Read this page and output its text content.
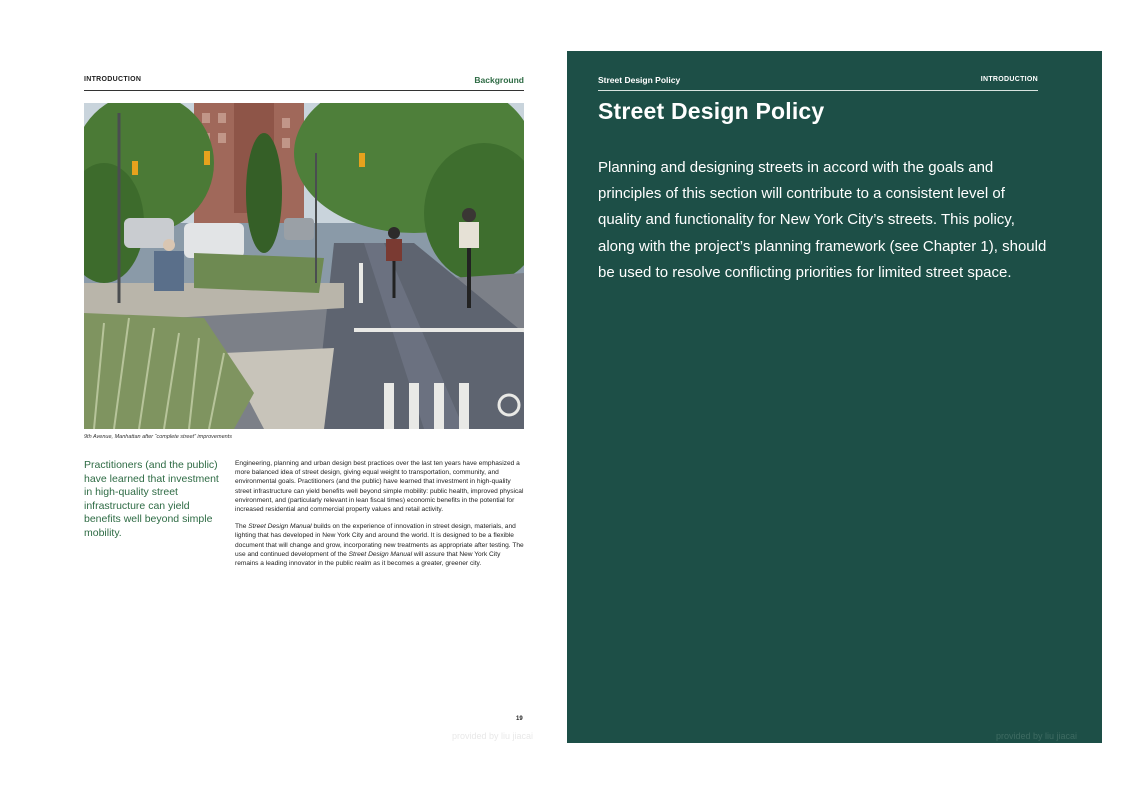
INTRODUCTION	Background
9th Avenue, Manhattan after “complete street” improvements
Practitioners (and the public) have learned that investment in high-quality street infrastructure can yield benefits well beyond simple mobility.

Engineering, planning and urban design best practices over the last ten years have emphasized a more balanced idea of street design, giving equal weight to transportation, community, and environmental goals. Practitioners (and the public) have learned that investment in high-quality street infrastructure can yield benefits well beyond simple mobility: public health, improved physical environment, and (particularly relevant in lean fiscal times) economic benefits in the potential for increased residential and commercial property values and retail activity.

The Street Design Manual builds on the experience of innovation in street design, materials, and lighting that has developed in New York City and around the world. It is designed to be a flexible document that will change and grow, incorporating new treatments as appropriate after testing. The use and continued development of the Street Design Manual will assure that New York City remains a leading innovator in the public realm as it becomes a greater, greener city.

19
provided by liu jiacai
Street Design Policy	INTRODUCTION
Street Design Policy

Planning and designing streets in accord with the goals and principles of this section will contribute to a consistent level of quality and functionality for New York City’s streets. This policy, along with the project’s planning framework (see Chapter 1), should be used to resolve conflicting priorities for limited street space.

provided by liu jiacai
